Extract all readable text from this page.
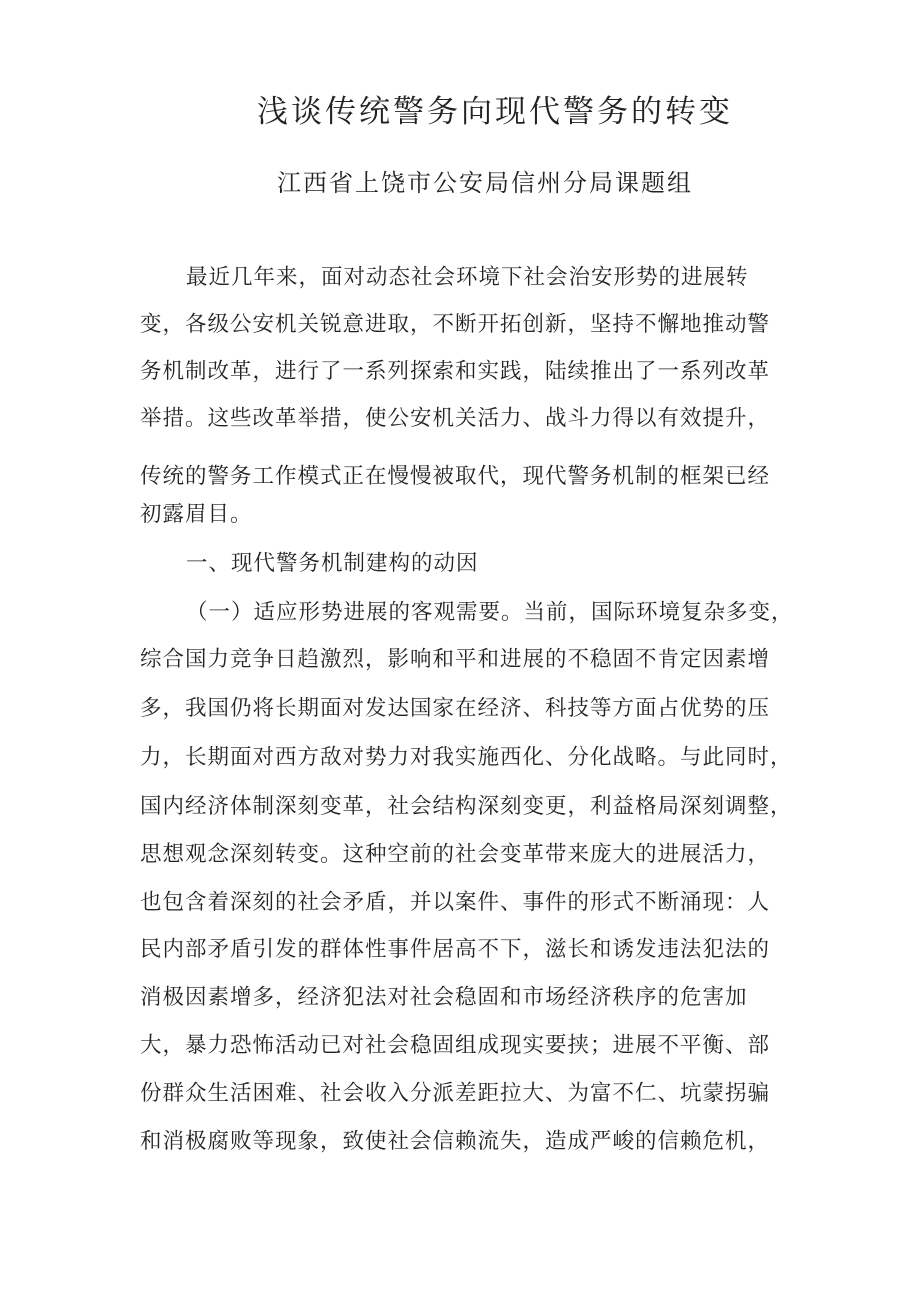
浅谈传统警务向现代警务的转变
江西省上饶市公安局信州分局课题组
最近几年来，面对动态社会环境下社会治安形势的进展转
变，各级公安机关锐意进取，不断开拓创新，坚持不懈地推动警
务机制改革，进行了一系列探索和实践，陆续推出了一系列改革
举措。这些改革举措，使公安机关活力、战斗力得以有效提升，
传统的警务工作模式正在慢慢被取代，现代警务机制的框架已经
初露眉目。
一、现代警务机制建构的动因
（一）适应形势进展的客观需要。当前，国际环境复杂多变，
综合国力竞争日趋激烈，影响和平和进展的不稳固不肯定因素增
多，我国仍将长期面对发达国家在经济、科技等方面占优势的压
力，长期面对西方敌对势力对我实施西化、分化战略。与此同时，
国内经济体制深刻变革，社会结构深刻变更，利益格局深刻调整，
思想观念深刻转变。这种空前的社会变革带来庞大的进展活力，
也包含着深刻的社会矛盾，并以案件、事件的形式不断涌现：人
民内部矛盾引发的群体性事件居高不下，滋长和诱发违法犯法的
消极因素增多，经济犯法对社会稳固和市场经济秩序的危害加
大，暴力恐怖活动已对社会稳固组成现实要挟；进展不平衡、部
份群众生活困难、社会收入分派差距拉大、为富不仁、坑蒙拐骗
和消极腐败等现象，致使社会信赖流失，造成严峻的信赖危机，
